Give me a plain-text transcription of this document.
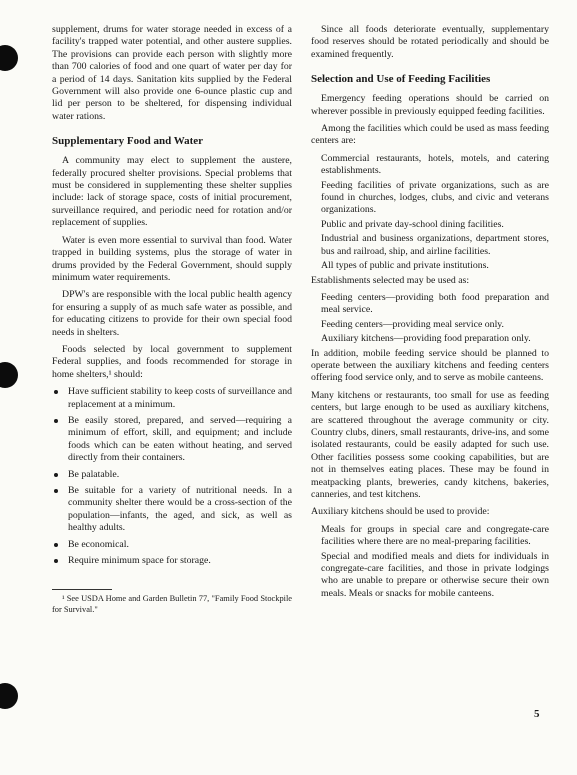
supplement, drums for water storage needed in excess of a facility's trapped water potential, and other austere supplies. The provisions can provide each person with slightly more than 700 calories of food and one quart of water per day for a period of 14 days. Sanitation kits supplied by the Federal Government will also provide one 6-ounce plastic cup and lid per person to be sheltered, for dispensing individual water rations.

Supplementary Food and Water

A community may elect to supplement the austere, federally procured shelter provisions. Special problems that must be considered in supplementing these shelter supplies include: lack of storage space, costs of initial procurement, surveillance required, and periodic need for rotation and/or replacement of supplies.

Water is even more essential to survival than food. Water trapped in building systems, plus the storage of water in drums provided by the Federal Government, should supply minimum water requirements.

DPW's are responsible with the local public health agency for ensuring a supply of as much safe water as possible, and for educating citizens to provide for their own special food needs in shelters.

Foods selected by local government to supplement Federal supplies, and foods recommended for storage in home shelters,¹ should:

Have sufficient stability to keep costs of surveillance and replacement at a minimum.
Be easily stored, prepared, and served—requiring a minimum of effort, skill, and equipment; and include foods which can be eaten without heating, and served directly from their containers.
Be palatable.
Be suitable for a variety of nutritional needs. In a community shelter there would be a cross-section of the population—infants, the aged, and sick, as well as healthy adults.
Be economical.
Require minimum space for storage.

¹ See USDA Home and Garden Bulletin 77, "Family Food Stockpile for Survival."

Since all foods deteriorate eventually, supplementary food reserves should be rotated periodically and should be examined frequently.

Selection and Use of Feeding Facilities

Emergency feeding operations should be carried on wherever possible in previously equipped feeding facilities.

Among the facilities which could be used as mass feeding centers are:

Commercial restaurants, hotels, motels, and catering establishments.

Feeding facilities of private organizations, such as are found in churches, lodges, clubs, and civic and veterans organizations.

Public and private day-school dining facilities.

Industrial and business organizations, department stores, bus and railroad, ship, and airline facilities.

All types of public and private institutions.

Establishments selected may be used as:

Feeding centers—providing both food preparation and meal service.

Feeding centers—providing meal service only.

Auxiliary kitchens—providing food preparation only.

In addition, mobile feeding service should be planned to operate between the auxiliary kitchens and feeding centers offering food service only, and to serve as mobile canteens.

Many kitchens or restaurants, too small for use as feeding centers, but large enough to be used as auxiliary kitchens, are scattered throughout the average community or city. Country clubs, diners, small restaurants, drive-ins, and some isolated restaurants, could be easily adapted for such use. Other facilities possess some cooking capabilities, but are not in themselves eating places. These may be found in meatpacking plants, breweries, candy kitchens, bakeries, canneries, and test kitchens.

Auxiliary kitchens should be used to provide:

Meals for groups in special care and congregate-care facilities where there are no meal-preparing facilities.

Special and modified meals and diets for individuals in congregate-care facilities, and those in private lodgings who are unable to prepare or otherwise secure their own meals. Meals or snacks for mobile canteens.

5
